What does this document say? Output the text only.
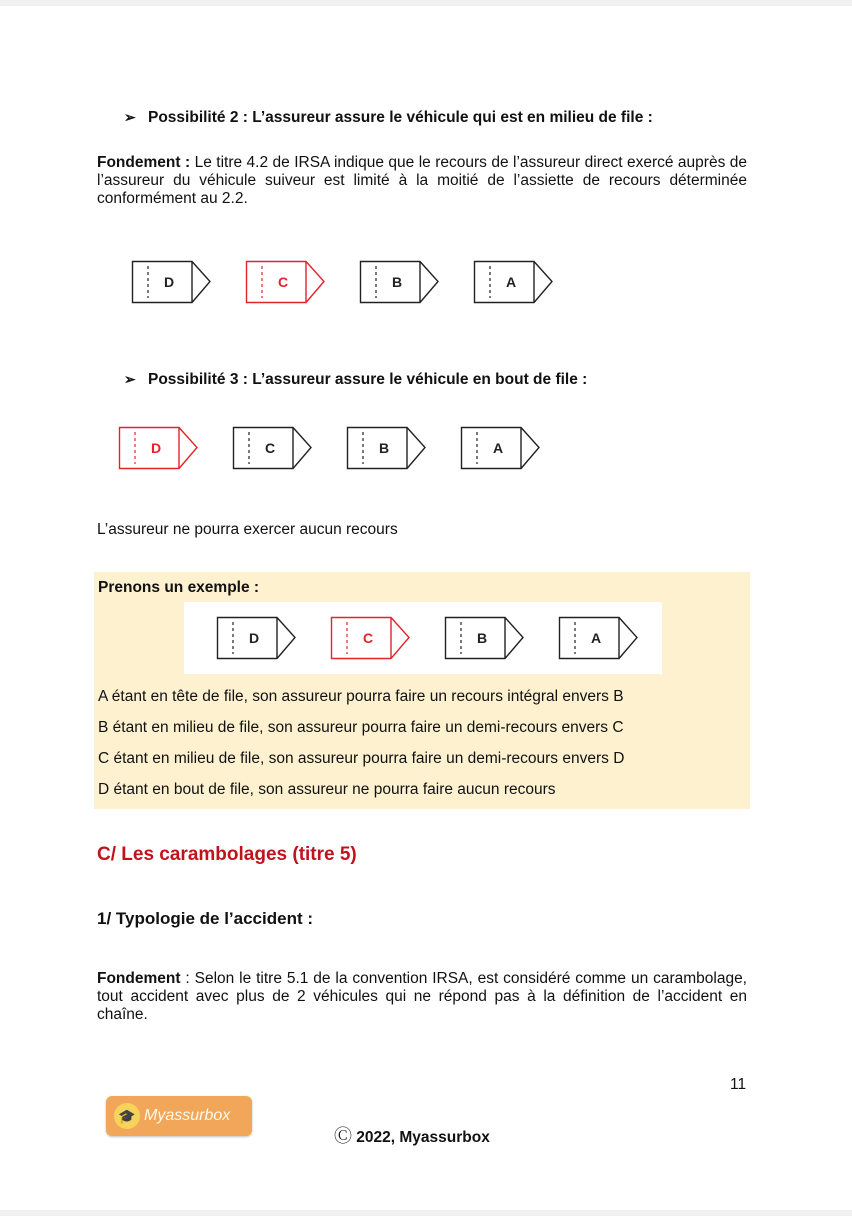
➢ Possibilité 2 : L’assureur assure le véhicule qui est en milieu de file :
Fondement : Le titre 4.2 de IRSA indique que le recours de l’assureur direct exercé auprès de l’assureur du véhicule suiveur est limité à la moitié de l’assiette de recours déterminée conformément au 2.2.
D	C	B	A
➢ Possibilité 3 : L’assureur assure le véhicule en bout de file :
D	C	B	A
L’assureur ne pourra exercer aucun recours
Prenons un exemple :
D	C	B	A
A étant en tête de file, son assureur pourra faire un recours intégral envers B
B étant en milieu de file, son assureur pourra faire un demi-recours envers C
C étant en milieu de file, son assureur pourra faire un demi-recours envers D
D étant en bout de file, son assureur ne pourra faire aucun recours
C/ Les carambolages (titre 5)
1/ Typologie de l’accident :
Fondement : Selon le titre 5.1 de la convention IRSA, est considéré comme un carambolage, tout accident avec plus de 2 véhicules qui ne répond pas à la définition de l’accident en chaîne.
11
🎓 Myassurbox
Ⓒ 2022, Myassurbox
